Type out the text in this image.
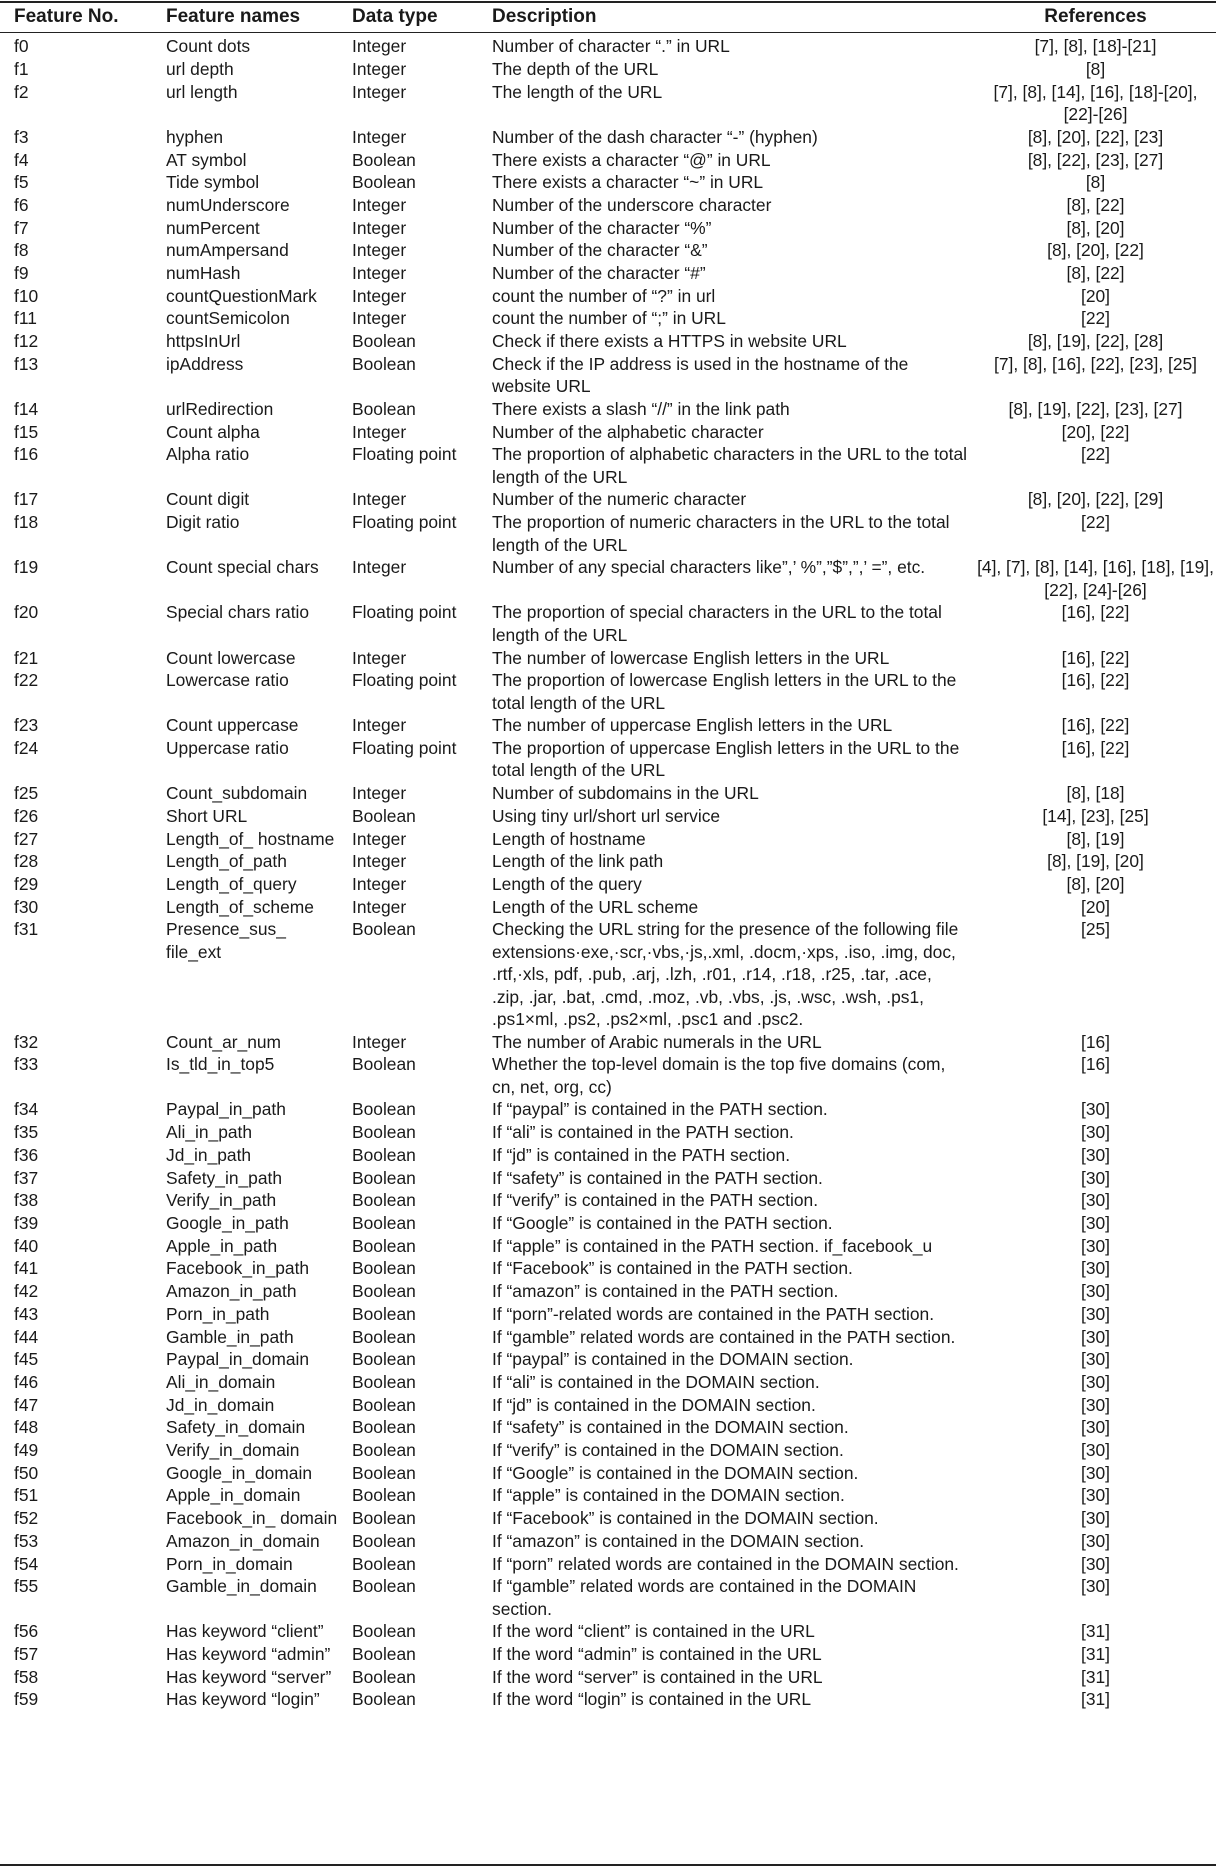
Feature No.	Feature names	Data type	Description	References
f0	Count dots	Integer	Number of character “.” in URL	[7], [8], [18]-[21]
f1	url depth	Integer	The depth of the URL	[8]
f2	url length	Integer	The length of the URL	[7], [8], [14], [16], [18]-[20], [22]-[26]
f3	hyphen	Integer	Number of the dash character “-” (hyphen)	[8], [20], [22], [23]
f4	AT symbol	Boolean	There exists a character “@” in URL	[8], [22], [23], [27]
f5	Tide symbol	Boolean	There exists a character “~” in URL	[8]
f6	numUnderscore	Integer	Number of the underscore character	[8], [22]
f7	numPercent	Integer	Number of the character “%”	[8], [20]
f8	numAmpersand	Integer	Number of the character “&”	[8], [20], [22]
f9	numHash	Integer	Number of the character “#”	[8], [22]
f10	countQuestionMark	Integer	count the number of “?” in url	[20]
f11	countSemicolon	Integer	count the number of “;” in URL	[22]
f12	httpsInUrl	Boolean	Check if there exists a HTTPS in website URL	[8], [19], [22], [28]
f13	ipAddress	Boolean	Check if the IP address is used in the hostname of the website URL	[7], [8], [16], [22], [23], [25]
f14	urlRedirection	Boolean	There exists a slash “//” in the link path	[8], [19], [22], [23], [27]
f15	Count alpha	Integer	Number of the alphabetic character	[20], [22]
f16	Alpha ratio	Floating point	The proportion of alphabetic characters in the URL to the total length of the URL	[22]
f17	Count digit	Integer	Number of the numeric character	[8], [20], [22], [29]
f18	Digit ratio	Floating point	The proportion of numeric characters in the URL to the total length of the URL	[22]
f19	Count special chars	Integer	Number of any special characters like”,’ %”,”$”,”,’ =”, etc.	[4], [7], [8], [14], [16], [18], [19], [22], [24]-[26]
f20	Special chars ratio	Floating point	The proportion of special characters in the URL to the total length of the URL	[16], [22]
f21	Count lowercase	Integer	The number of lowercase English letters in the URL	[16], [22]
f22	Lowercase ratio	Floating point	The proportion of lowercase English letters in the URL to the total length of the URL	[16], [22]
f23	Count uppercase	Integer	The number of uppercase English letters in the URL	[16], [22]
f24	Uppercase ratio	Floating point	The proportion of uppercase English letters in the URL to the total length of the URL	[16], [22]
f25	Count_subdomain	Integer	Number of subdomains in the URL	[8], [18]
f26	Short URL	Boolean	Using tiny url/short url service	[14], [23], [25]
f27	Length_of_ hostname	Integer	Length of hostname	[8], [19]
f28	Length_of_path	Integer	Length of the link path	[8], [19], [20]
f29	Length_of_query	Integer	Length of the query	[8], [20]
f30	Length_of_scheme	Integer	Length of the URL scheme	[20]
f31	Presence_sus_ file_ext	Boolean	Checking the URL string for the presence of the following file extensions·exe,·scr,·vbs,·js,.xml, .docm,·xps, .iso, .img, doc, .rtf,·xls, pdf, .pub, .arj, .lzh, .r01, .r14, .r18, .r25, .tar, .ace, .zip, .jar, .bat, .cmd, .moz, .vb, .vbs, .js, .wsc, .wsh, .ps1, .ps1×ml, .ps2, .ps2×ml, .psc1 and .psc2.	[25]
f32	Count_ar_num	Integer	The number of Arabic numerals in the URL	[16]
f33	Is_tld_in_top5	Boolean	Whether the top-level domain is the top five domains (com, cn, net, org, cc)	[16]
f34	Paypal_in_path	Boolean	If “paypal” is contained in the PATH section.	[30]
f35	Ali_in_path	Boolean	If “ali” is contained in the PATH section.	[30]
f36	Jd_in_path	Boolean	If “jd” is contained in the PATH section.	[30]
f37	Safety_in_path	Boolean	If “safety” is contained in the PATH section.	[30]
f38	Verify_in_path	Boolean	If “verify” is contained in the PATH section.	[30]
f39	Google_in_path	Boolean	If “Google” is contained in the PATH section.	[30]
f40	Apple_in_path	Boolean	If “apple” is contained in the PATH section. if_facebook_u	[30]
f41	Facebook_in_path	Boolean	If “Facebook” is contained in the PATH section.	[30]
f42	Amazon_in_path	Boolean	If “amazon” is contained in the PATH section.	[30]
f43	Porn_in_path	Boolean	If “porn”-related words are contained in the PATH section.	[30]
f44	Gamble_in_path	Boolean	If “gamble” related words are contained in the PATH section.	[30]
f45	Paypal_in_domain	Boolean	If “paypal” is contained in the DOMAIN section.	[30]
f46	Ali_in_domain	Boolean	If “ali” is contained in the DOMAIN section.	[30]
f47	Jd_in_domain	Boolean	If “jd” is contained in the DOMAIN section.	[30]
f48	Safety_in_domain	Boolean	If “safety” is contained in the DOMAIN section.	[30]
f49	Verify_in_domain	Boolean	If “verify” is contained in the DOMAIN section.	[30]
f50	Google_in_domain	Boolean	If “Google” is contained in the DOMAIN section.	[30]
f51	Apple_in_domain	Boolean	If “apple” is contained in the DOMAIN section.	[30]
f52	Facebook_in_ domain	Boolean	If “Facebook” is contained in the DOMAIN section.	[30]
f53	Amazon_in_domain	Boolean	If “amazon” is contained in the DOMAIN section.	[30]
f54	Porn_in_domain	Boolean	If “porn” related words are contained in the DOMAIN section.	[30]
f55	Gamble_in_domain	Boolean	If “gamble” related words are contained in the DOMAIN section.	[30]
f56	Has keyword “client”	Boolean	If the word “client” is contained in the URL	[31]
f57	Has keyword “admin”	Boolean	If the word “admin” is contained in the URL	[31]
f58	Has keyword “server”	Boolean	If the word “server” is contained in the URL	[31]
f59	Has keyword “login”	Boolean	If the word “login” is contained in the URL	[31]
